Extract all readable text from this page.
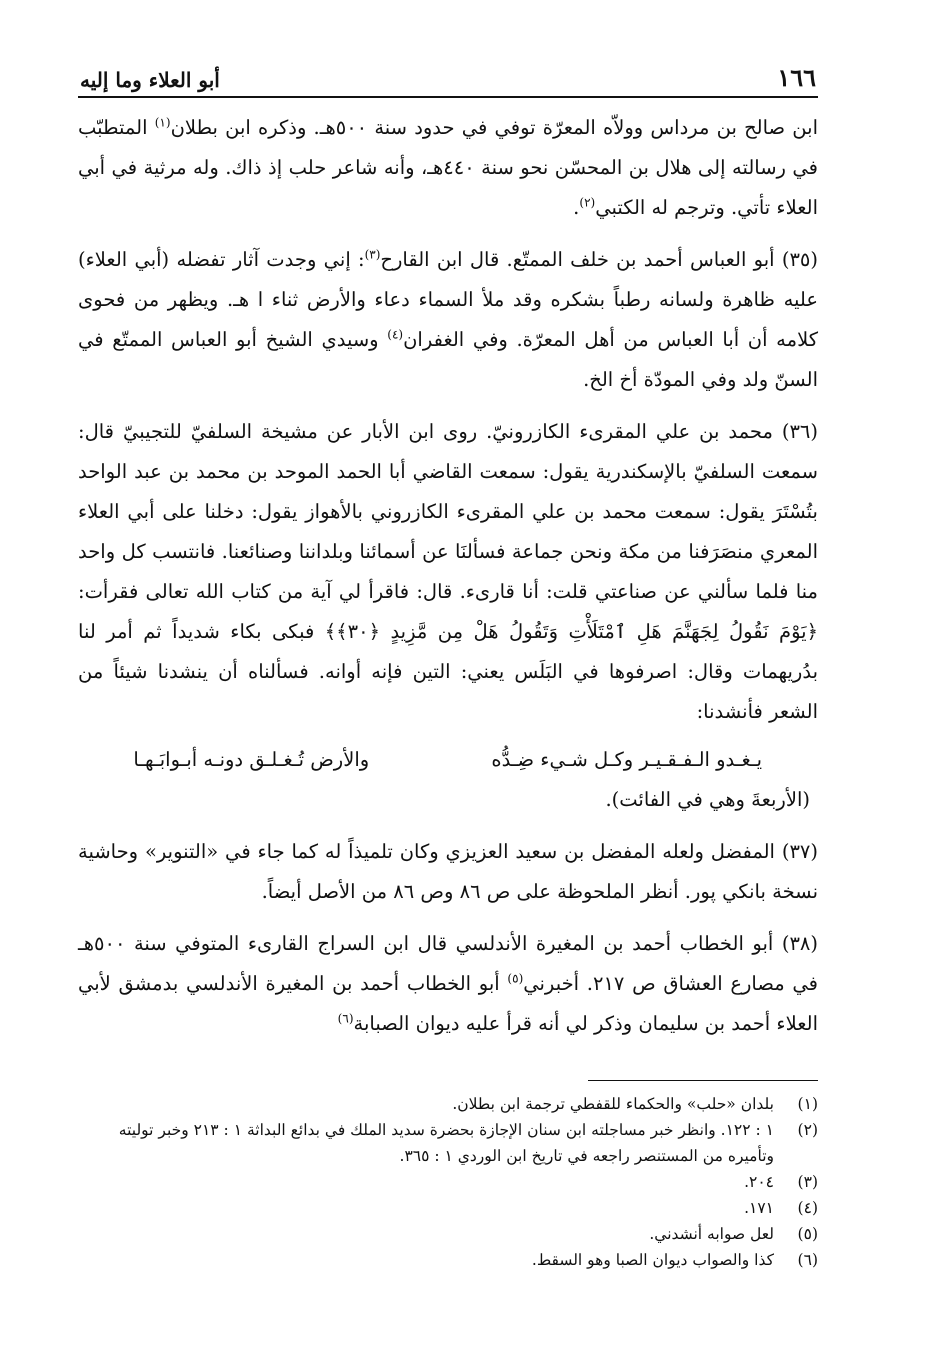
١٦٦
أبو العلاء وما إليه

ابن صالح بن مرداس وولاّه المعرّة توفي في حدود سنة ٥٠٠هـ. وذكره ابن بطلان$^{(١)}$ المتطبّب في رسالته إلى هلال بن المحسّن نحو سنة ٤٤٠هـ، وأنه شاعر حلب إذ ذاك. وله مرثية في أبي العلاء تأتي. وترجم له الكتبي$^{(٢)}$.

(٣٥) أبو العباس أحمد بن خلف الممتّع. قال ابن القارح$^{(٣)}$: إني وجدت آثار تفضله (أبي العلاء) عليه ظاهرة ولسانه رطباً بشكره وقد ملأ السماء دعاء والأرض ثناء ا هـ. ويظهر من فحوى كلامه أن أبا العباس من أهل المعرّة. وفي الغفران$^{(٤)}$ وسيدي الشيخ أبو العباس الممتّع في السنّ ولد وفي المودّة أخ الخ.

(٣٦) محمد بن علي المقرىء الكازرونيّ. روى ابن الأبار عن مشيخة السلفيّ للتجيبيّ قال: سمعت السلفيّ بالإسكندرية يقول: سمعت القاضي أبا الحمد الموحد بن محمد بن عبد الواحد بتُسْتَرَ يقول: سمعت محمد بن علي المقرىء الكازروني بالأهواز يقول: دخلنا على أبي العلاء المعري منصَرَفنا من مكة ونحن جماعة فسألنَا عن أسمائنا وبلداننا وصنائعنا. فانتسب كل واحد منا فلما سألني عن صناعتي قلت: أنا قارىء. قال: فاقرأ لي آية من كتاب الله تعالى فقرأت: ﴿يَوْمَ نَقُولُ لِجَهَنَّمَ هَلِ ٱمْتَلَأْتِ وَتَقُولُ هَلْ مِن مَّزِيدٍ ﴿٣٠﴾﴾ فبكى بكاء شديداً ثم أمر لنا بدُريهمات وقال: اصرفوها في البَلَس يعني: التين فإنه أوانه. فسألناه أن ينشدنا شيئاً من الشعر فأنشدنا:

يـغـدو الـفـقـيـر وكـل شـيء ضِـدُّه
والأرض تُـغـلـق دونـه أبـوابَـهـا

(الأربعةَ وهي في الفائت).

(٣٧) المفضل ولعله المفضل بن سعيد العزيزي وكان تلميذاً له كما جاء في «التنوير» وحاشية نسخة بانكي پور. أنظر الملحوظة على ص ٨٦ وص ٨٦ من الأصل أيضاً.

(٣٨) أبو الخطاب أحمد بن المغيرة الأندلسي قال ابن السراج القارىء المتوفي سنة ٥٠٠هـ في مصارع العشاق ص ٢١٧. أخبرني$^{(٥)}$ أبو الخطاب أحمد بن المغيرة الأندلسي بدمشق لأبي العلاء أحمد بن سليمان وذكر لي أنه قرأ عليه ديوان الصبابة$^{(٦)}$

(١)
بلدان «حلب» والحكماء للقفطي ترجمة ابن بطلان.
(٢)
١ : ١٢٢. وانظر خبر مساجلته ابن سنان الإجازة بحضرة سديد الملك في بدائع البداثة ١ : ٢١٣ وخبر توليته وتأميره من المستنصر راجعه في تاريخ ابن الوردي ١ : ٣٦٥.
(٣)
٢٠٤.
(٤)
١٧١.
(٥)
لعل صوابه أنشدني.
(٦)
كذا والصواب ديوان الصبا وهو السقط.
